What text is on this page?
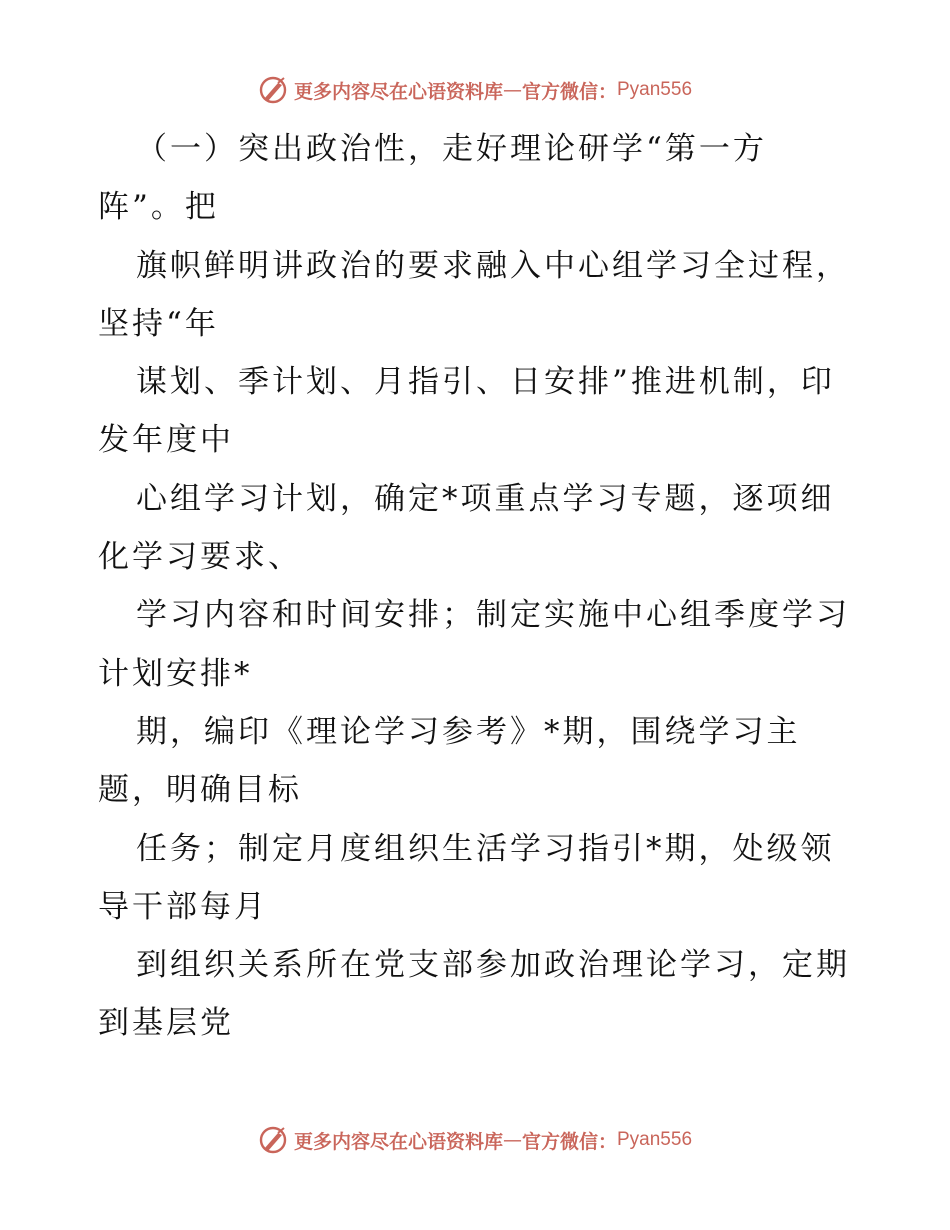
更多内容尽在心语资料库 — 官方微信： Pyan556
（一）突出政治性，走好理论研学“第一方
阵”。把
旗帜鲜明讲政治的要求融入中心组学习全过程，
坚持“年
谋划、季计划、月指引、日安排”推进机制，印
发年度中
心组学习计划，确定*项重点学习专题，逐项细
化学习要求、
学习内容和时间安排；制定实施中心组季度学习
计划安排*
期，编印《理论学习参考》*期，围绕学习主
题，明确目标
任务；制定月度组织生活学习指引*期，处级领
导干部每月
到组织关系所在党支部参加政治理论学习，定期
到基层党
更多内容尽在心语资料库 — 官方微信： Pyan556
